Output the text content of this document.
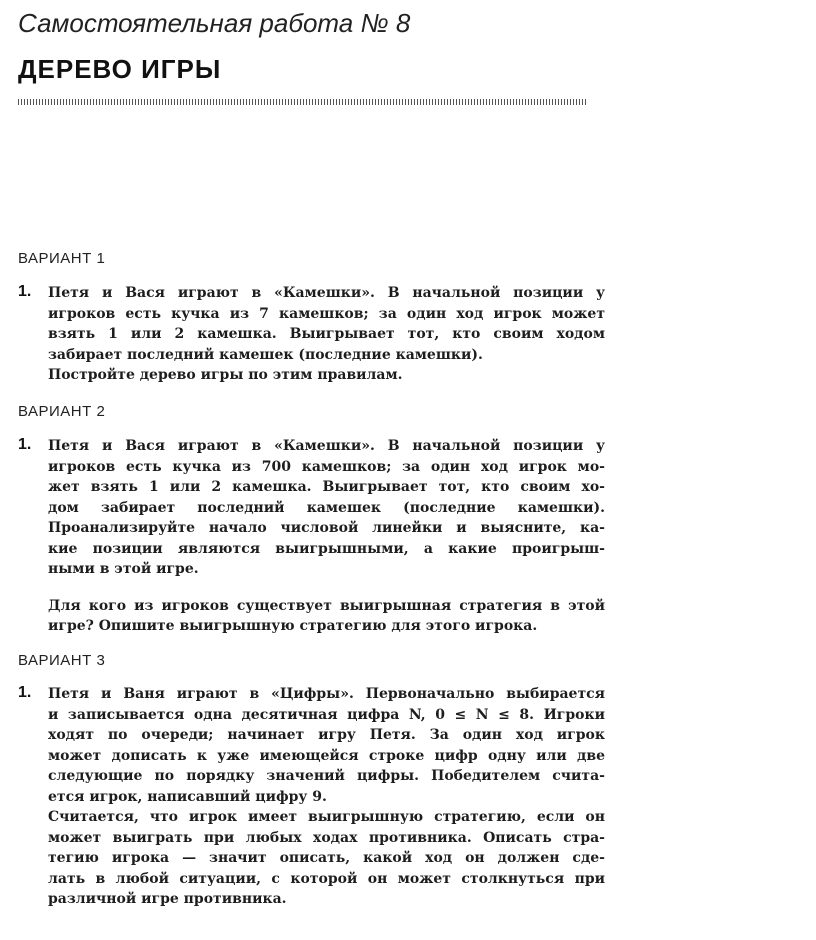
Самостоятельная работа № 8
ДЕРЕВО ИГРЫ
ВАРИАНТ 1
1. Петя и Вася играют в «Камешки». В начальной позиции у
игроков есть кучка из 7 камешков; за один ход игрок может
взять 1 или 2 камешка. Выигрывает тот, кто своим ходом
забирает последний камешек (последние камешки).
Постройте дерево игры по этим правилам.
ВАРИАНТ 2
1. Петя и Вася играют в «Камешки». В начальной позиции у
игроков есть кучка из 700 камешков; за один ход игрок мо-
жет взять 1 или 2 камешка. Выигрывает тот, кто своим хо-
дом забирает последний камешек (последние камешки).
Проанализируйте начало числовой линейки и выясните, ка-
кие позиции являются выигрышными, а какие проигрыш-
ными в этой игре.
Для кого из игроков существует выигрышная стратегия в этой
игре? Опишите выигрышную стратегию для этого игрока.
ВАРИАНТ 3
1. Петя и Ваня играют в «Цифры». Первоначально выбирается
и записывается одна десятичная цифра N, 0 ≤ N ≤ 8. Игроки
ходят по очереди; начинает игру Петя. За один ход игрок
может дописать к уже имеющейся строке цифр одну или две
следующие по порядку значений цифры. Победителем счита-
ется игрок, написавший цифру 9.
Считается, что игрок имеет выигрышную стратегию, если он
может выиграть при любых ходах противника. Описать стра-
тегию игрока — значит описать, какой ход он должен сде-
лать в любой ситуации, с которой он может столкнуться при
различной игре противника.
